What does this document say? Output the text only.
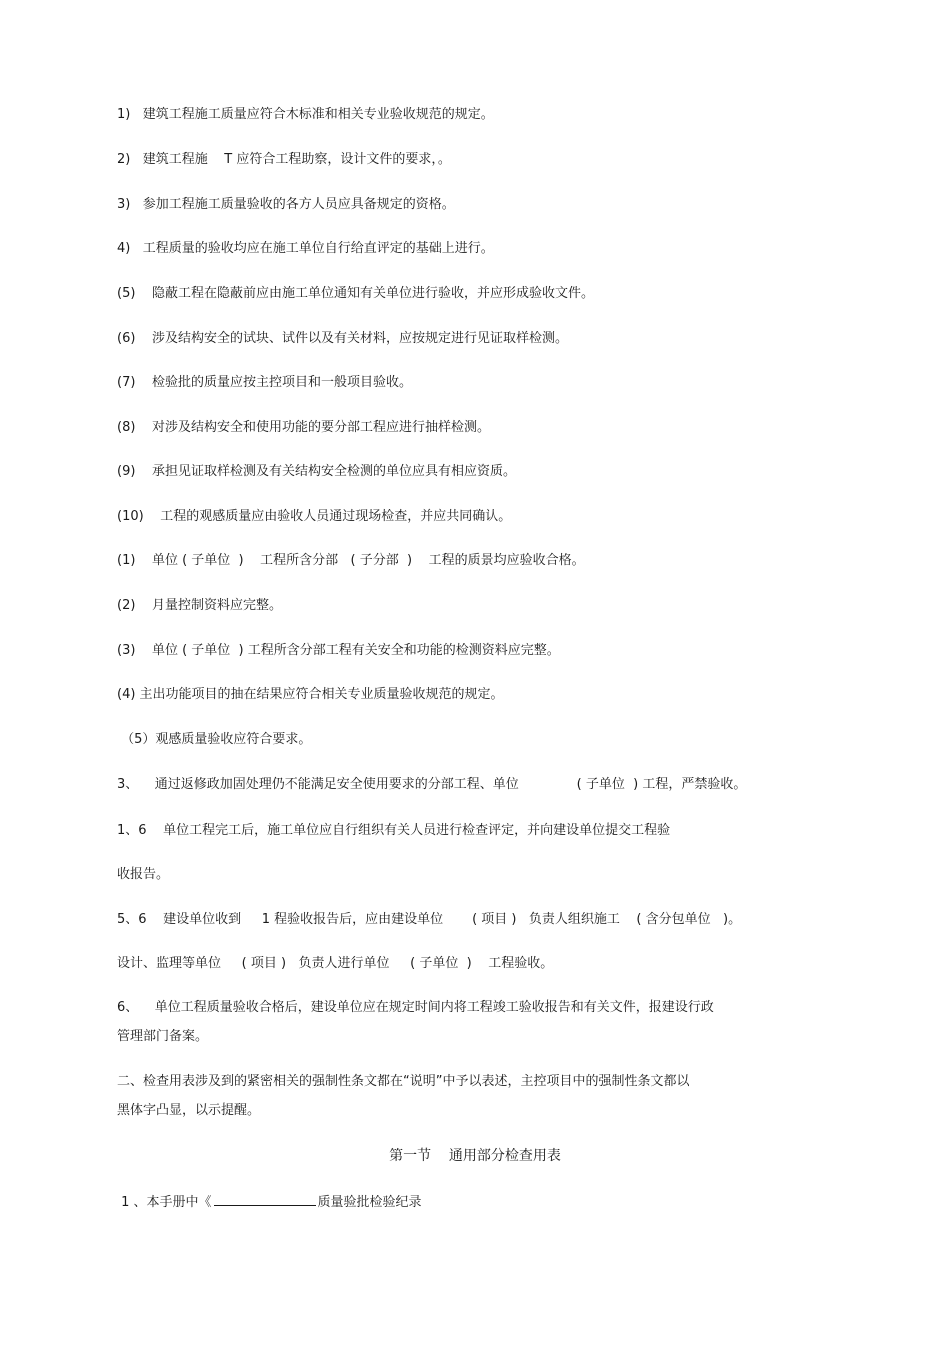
1)   建筑工程施工质量应符合木标准和相关专业验收规范的规定。
2)   建筑工程施    T 应符合工程助察，设计文件的要求，。
3)   参加工程施工质量验收的各方人员应具备规定的资格。
4)   工程质量的验收均应在施工单位自行给直评定的基础上进行。
(5)    隐蔽工程在隐蔽前应由施工单位通知有关单位进行验收，并应形成验收文件。
(6)    涉及结构安全的试块、试件以及有关材料，应按规定进行见证取样检测。
(7)    检验批的质量应按主控项目和一般项目验收。
(8)    对涉及结构安全和使用功能的要分部工程应进行抽样检测。
(9)    承担见证取样检测及有关结构安全检测的单位应具有相应资质。
(10)    工程的观感质量应由验收人员通过现场检查，并应共同确认。
(1)    单位 ( 子单位  )    工程所含分部   ( 子分部  )    工程的质景均应验收合格。
(2)    月量控制资料应完整。
(3)    单位 ( 子单位  ) 工程所含分部工程有关安全和功能的检测资料应完整。
(4) 主出功能项目的抽在结果应符合相关专业质量验收规范的规定。
（5）观感质量验收应符合要求。
3、    通过返修政加固处理仍不能满足安全使用要求的分部工程、单位              ( 子单位  ) 工程，严禁验收。
1、6    单位工程完工后，施工单位应自行组织有关人员进行检查评定，并向建设单位提交工程验
收报告。
5、6    建设单位收到     1 程验收报告后，应由建设单位       ( 项目 )   负责人组织施工    ( 含分包单位   )。
设计、监理等单位     ( 项目 )   负责人进行单位     ( 子单位  )    工程验收。
6、    单位工程质量验收合格后，建设单位应在规定时间内将工程竣工验收报告和有关文件，报建设行政
管理部门备案。
二、检查用表涉及到的紧密相关的强制性条文都在“说明”中予以表述，主控项目中的强制性条文都以
黑体字凸显，以示提醒。
第一节    通用部分检查用表
1 、本手册中《	质量验批检验纪录
